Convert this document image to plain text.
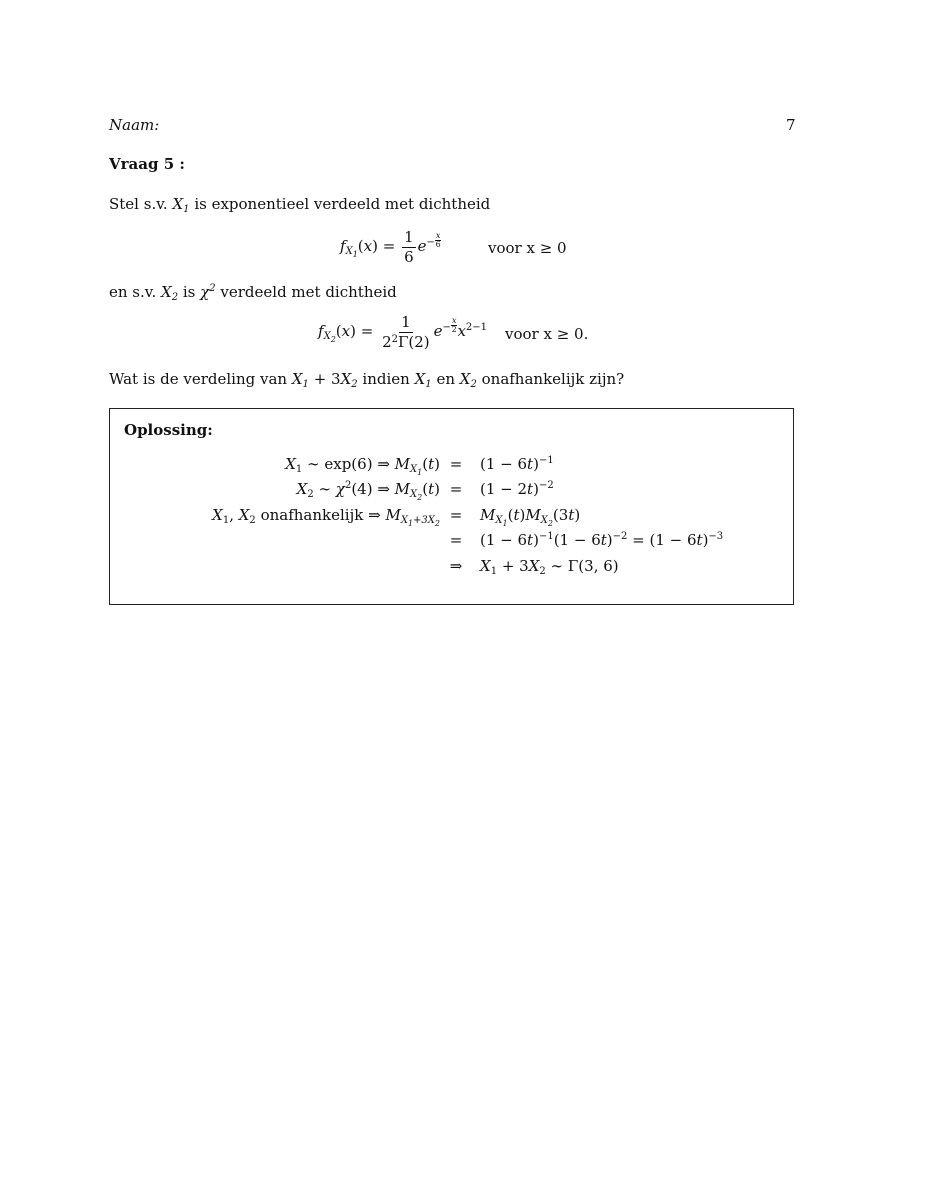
Naam:	7
Vraag 5 :
Stel s.v. $X_1$ is exponentieel verdeeld met dichtheid
$f_{X_1}(x) = \frac{1}{6} e^{- \frac{x}{6}}$	voor x ≥ 0
en s.v. $X_2$ is $\chi^2$ verdeeld met dichtheid
$f_{X_2}(x) = \frac{1}{2^2\Gamma(2)} e^{- \frac{x}{2}}$ $x^{2-1}$ voor x ≥ 0.
Wat is de verdeling van $X_1 + 3X_2$ indien $X_1$ en $X_2$ onafhankelijk zijn?
Oplossing:
$X_1$ ∼ exp(6) ⇒ $M_{X_1}(t) = (1 - 6t)^{-1}$
$X_2$ ∼ $\chi^2(4)$ ⇒ $M_{X_2}(t) = (1 - 2t)^{-2}$
$X_1$, $X_2$ onafhankelijk ⇒ $M_{X_1+3X_2} = M_{X_1}(t)M_{X_2}(3t)$
= $(1 - 6t)^{-1}(1 - 6t)^{-2} = (1 - 6t)^{-3}$
⇒ $X_1 + 3X_2$ ∼ Γ(3, 6)
